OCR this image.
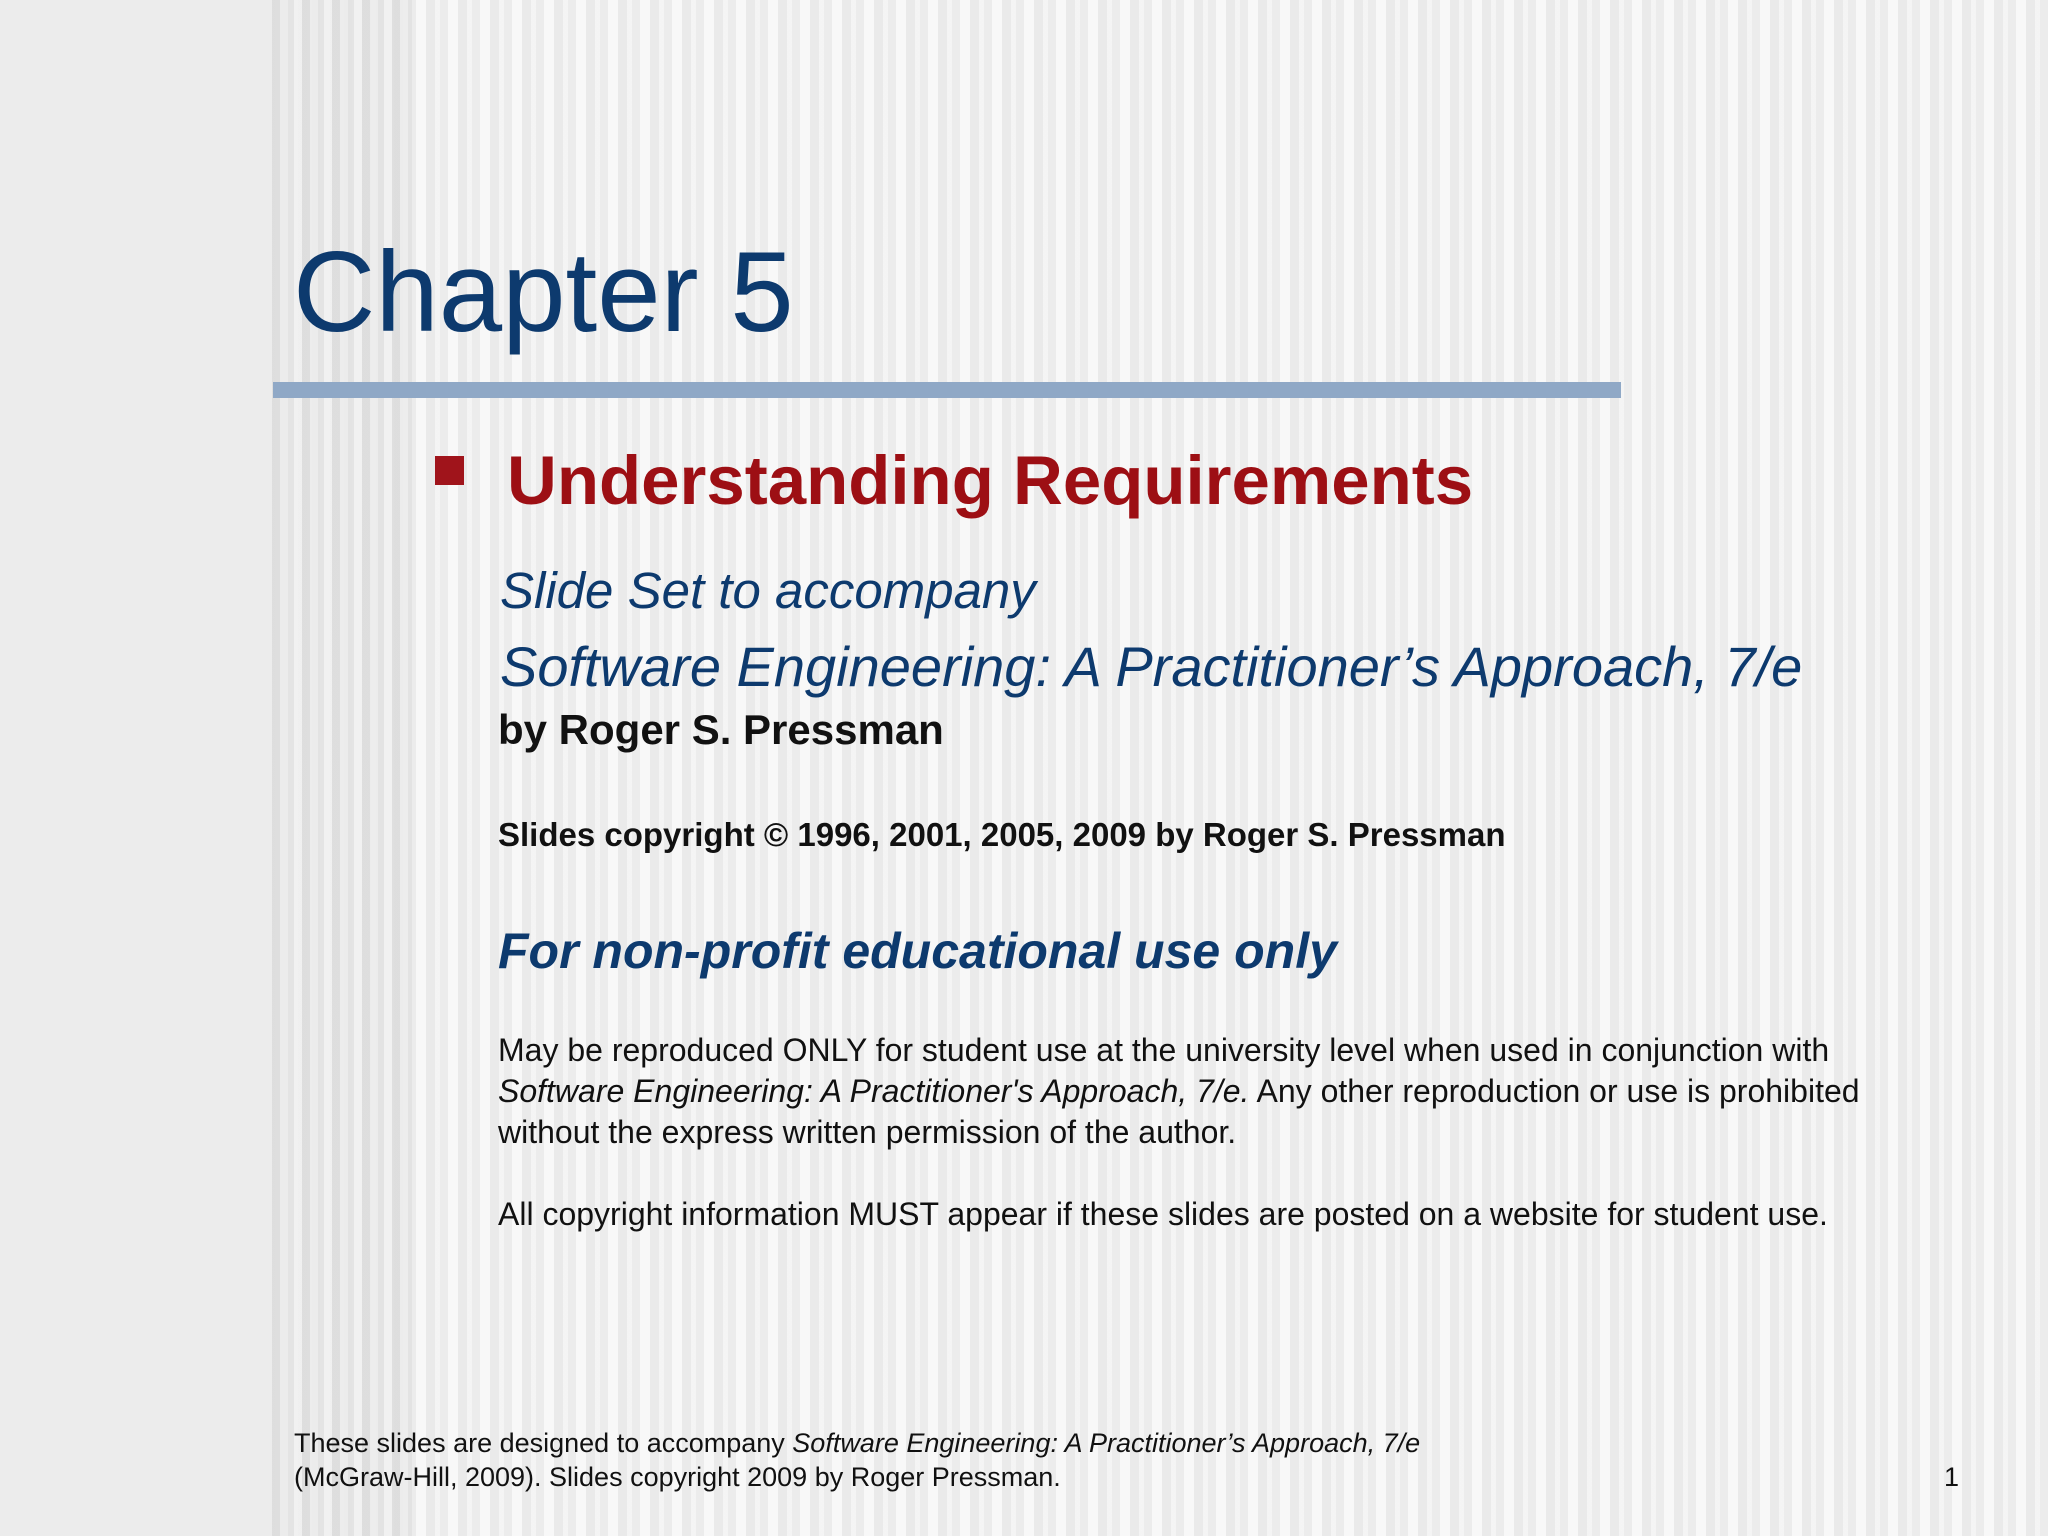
Chapter 5
Understanding Requirements
Slide Set to accompany
Software Engineering: A Practitioner’s Approach, 7/e
by Roger S. Pressman
Slides copyright © 1996, 2001, 2005, 2009 by Roger S. Pressman
For non-profit educational use only

May be reproduced ONLY for student use at the university level when used in conjunction with Software Engineering: A Practitioner's Approach, 7/e. Any other reproduction or use is prohibited without the express written permission of the author.

All copyright information MUST appear if these slides are posted on a website for student use.

These slides are designed to accompany Software Engineering: A Practitioner’s Approach, 7/e
(McGraw-Hill, 2009). Slides copyright 2009 by Roger Pressman.	1
